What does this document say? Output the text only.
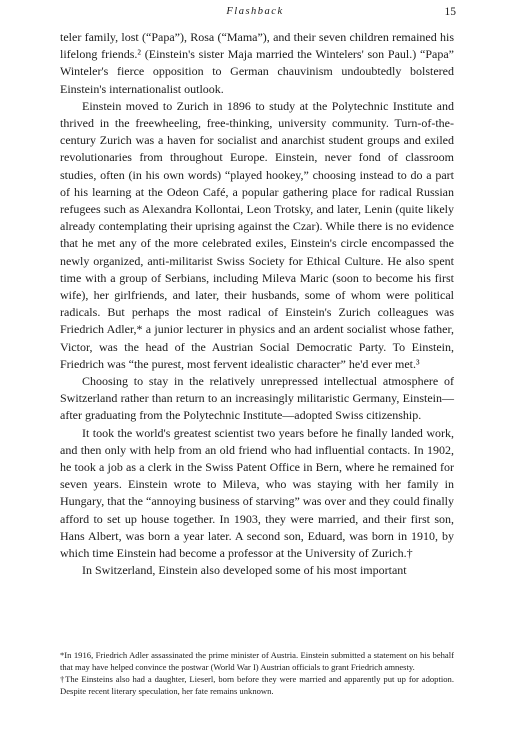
Flashback	15

teler family, lost (“Papa”), Rosa (“Mama”), and their seven children remained his lifelong friends.² (Einstein's sister Maja married the Wintelers' son Paul.) “Papa” Winteler's fierce opposition to German chauvinism undoubtedly bolstered Einstein's internationalist outlook.

Einstein moved to Zurich in 1896 to study at the Polytechnic Institute and thrived in the freewheeling, free-thinking, university community. Turn-of-the-century Zurich was a haven for socialist and anarchist student groups and exiled revolutionaries from throughout Europe. Einstein, never fond of classroom studies, often (in his own words) “played hookey,” choosing instead to do a part of his learning at the Odeon Café, a popular gathering place for radical Russian refugees such as Alexandra Kollontai, Leon Trotsky, and later, Lenin (quite likely already contemplating their uprising against the Czar). While there is no evidence that he met any of the more celebrated exiles, Einstein's circle encompassed the newly organized, anti-militarist Swiss Society for Ethical Culture. He also spent time with a group of Serbians, including Mileva Maric (soon to become his first wife), her girlfriends, and later, their husbands, some of whom were political radicals. But perhaps the most radical of Einstein's Zurich colleagues was Friedrich Adler,* a junior lecturer in physics and an ardent socialist whose father, Victor, was the head of the Austrian Social Democratic Party. To Einstein, Friedrich was “the purest, most fervent idealistic character” he'd ever met.³

Choosing to stay in the relatively unrepressed intellectual atmosphere of Switzerland rather than return to an increasingly militaristic Germany, Einstein—after graduating from the Polytechnic Institute—adopted Swiss citizenship.

It took the world's greatest scientist two years before he finally landed work, and then only with help from an old friend who had influential contacts. In 1902, he took a job as a clerk in the Swiss Patent Office in Bern, where he remained for seven years. Einstein wrote to Mileva, who was staying with her family in Hungary, that the “annoying business of starving” was over and they could finally afford to set up house together. In 1903, they were married, and their first son, Hans Albert, was born a year later. A second son, Eduard, was born in 1910, by which time Einstein had become a professor at the University of Zurich.†

In Switzerland, Einstein also developed some of his most important

*In 1916, Friedrich Adler assassinated the prime minister of Austria. Einstein submitted a statement on his behalf that may have helped convince the postwar (World War I) Austrian officials to grant Friedrich amnesty.

†The Einsteins also had a daughter, Lieserl, born before they were married and apparently put up for adoption. Despite recent literary speculation, her fate remains unknown.
